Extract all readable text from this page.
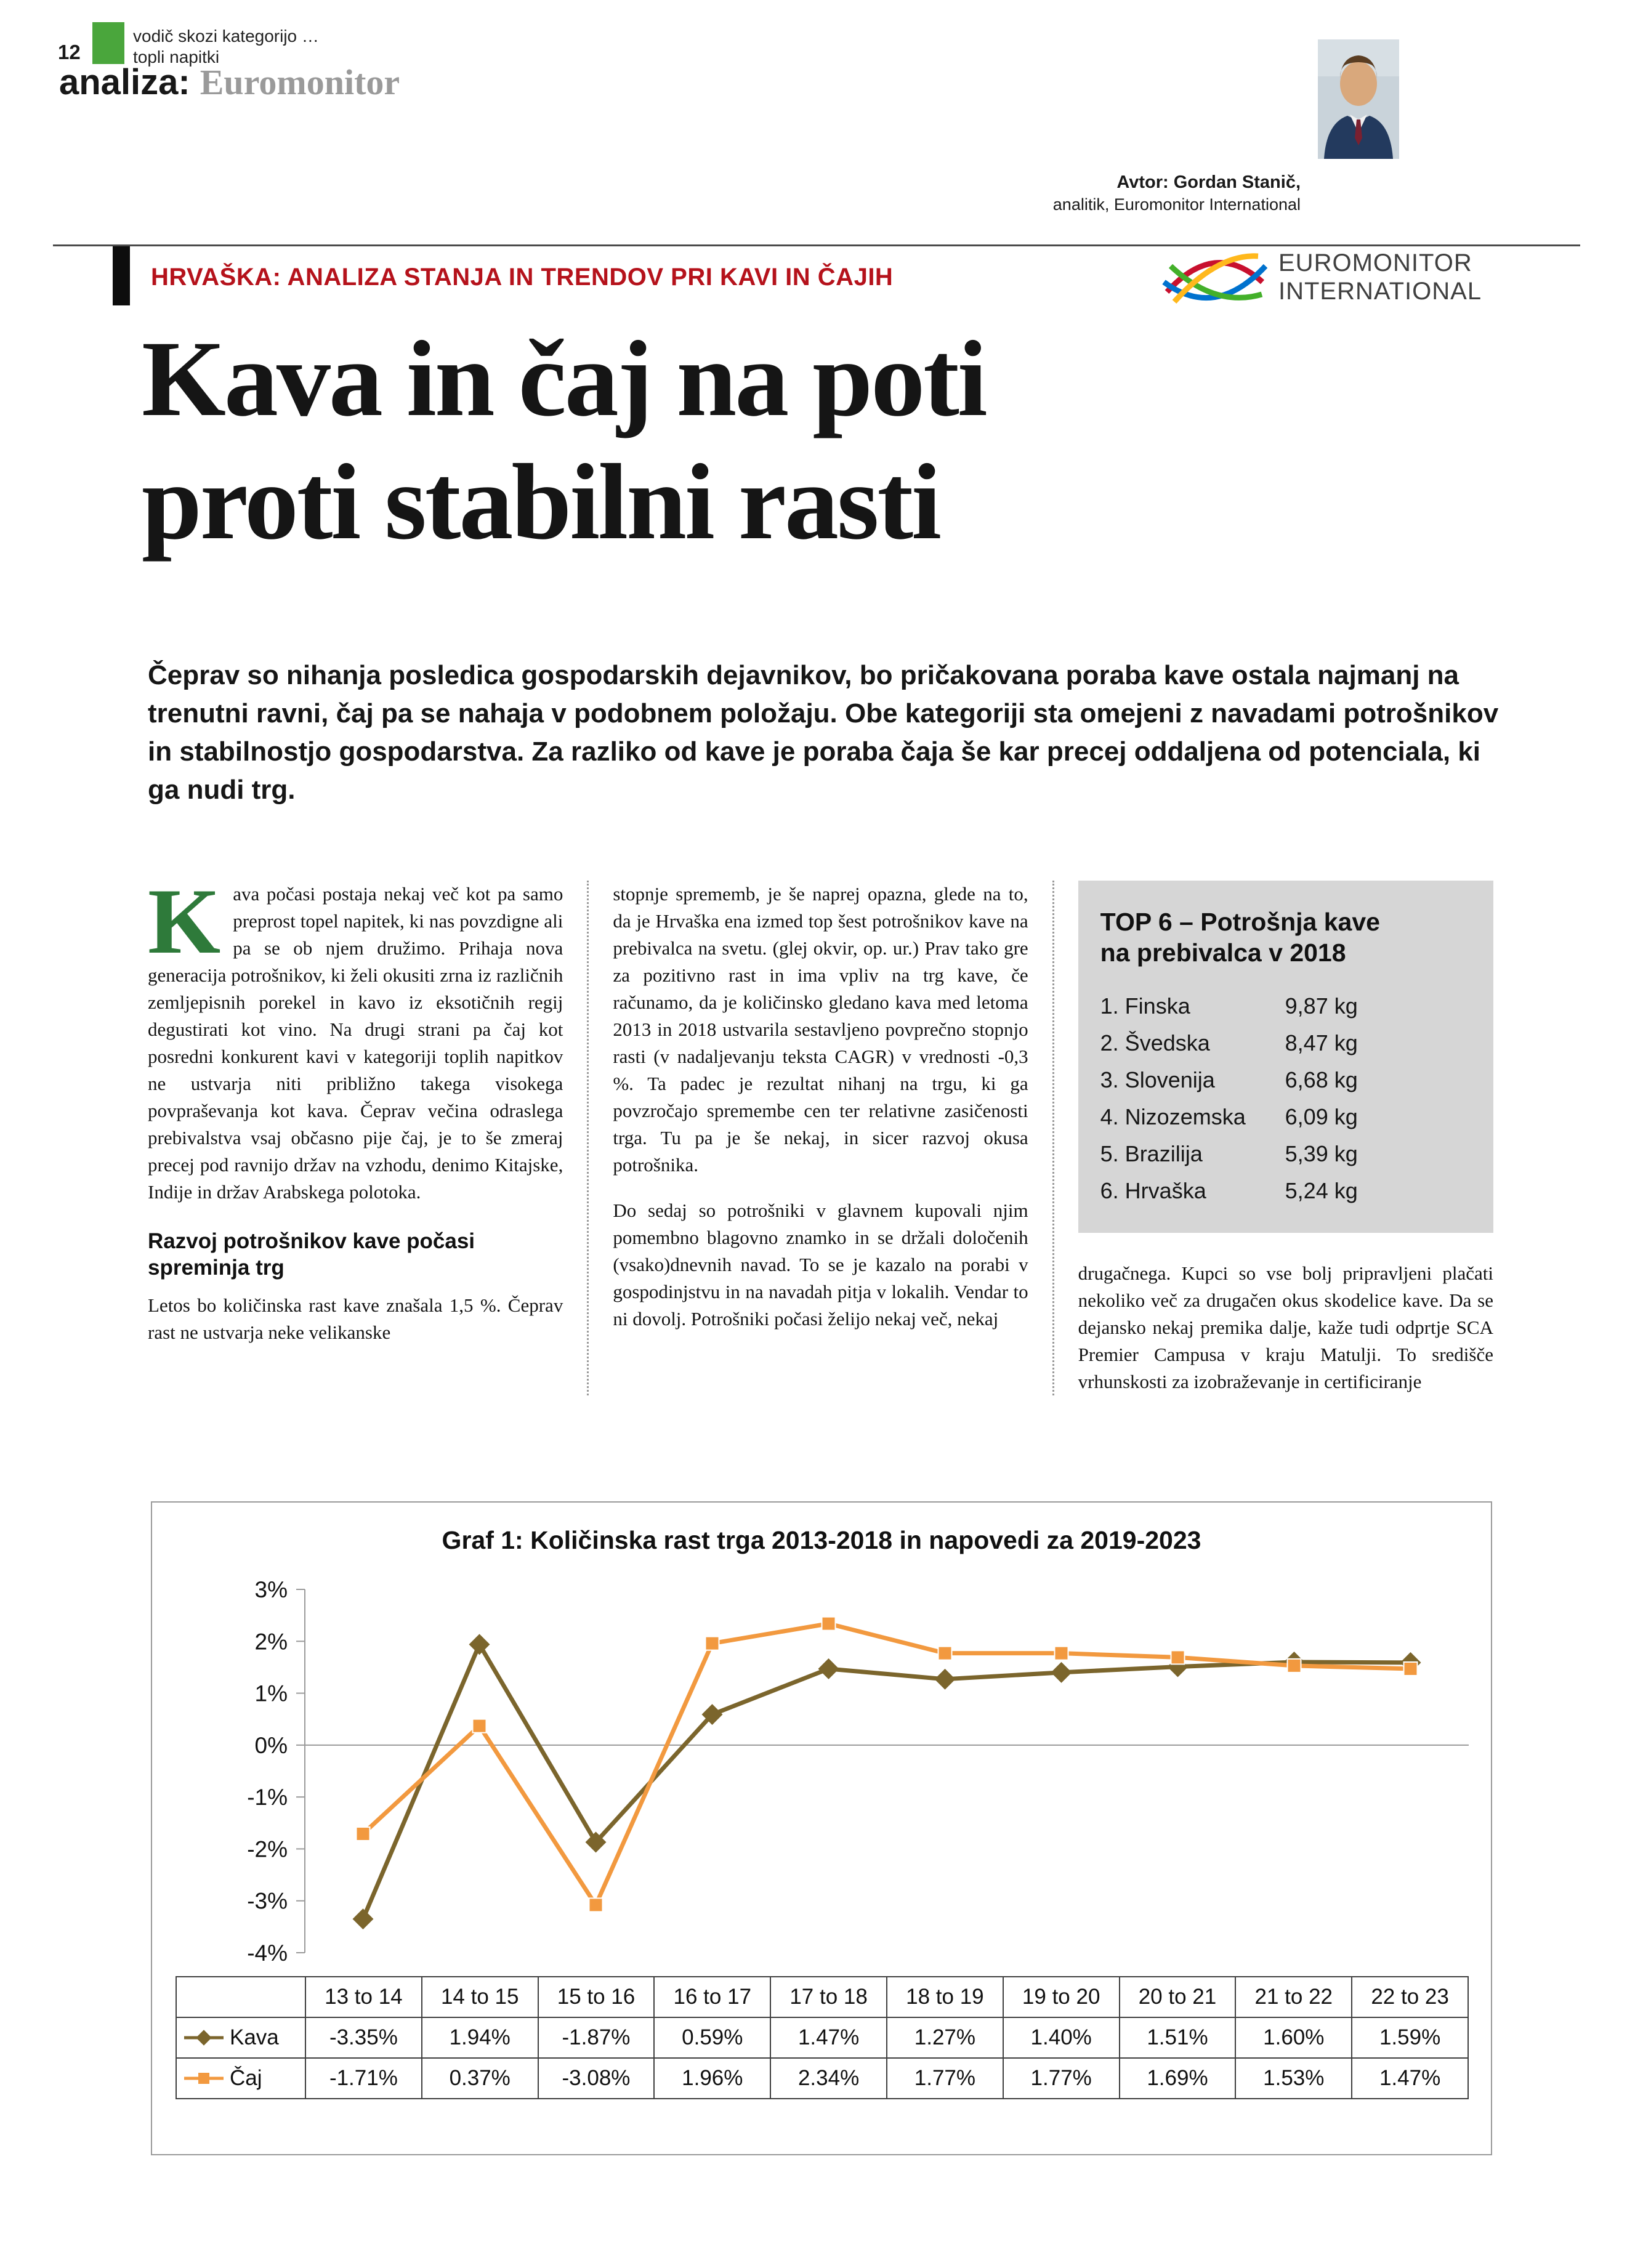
12
vodič skozi kategorijo …
topli napitki
analiza: Euromonitor
Avtor: Gordan Stanič,
analitik, Euromonitor International
HRVAŠKA: ANALIZA STANJA IN TRENDOV PRI KAVI IN ČAJIH
EUROMONITOR
INTERNATIONAL
Kava in čaj na poti
proti stabilni rasti
Čeprav so nihanja posledica gospodarskih dejavnikov, bo pričakovana poraba kave ostala najmanj na trenutni ravni, čaj pa se nahaja v podobnem položaju. Obe kategoriji sta omejeni z navadami potrošnikov in stabilnostjo gospodarstva. Za razliko od kave je poraba čaja še kar precej oddaljena od potenciala, ki ga nudi trg.

Kava počasi postaja nekaj več kot pa samo preprost topel napitek, ki nas povzdigne ali pa se ob njem družimo. Prihaja nova generacija potrošnikov, ki želi okusiti zrna iz različnih zemljepisnih porekel in kavo iz eksotičnih regij degustirati kot vino. Na drugi strani pa čaj kot posredni konkurent kavi v kategoriji toplih napitkov ne ustvarja niti približno takega visokega povpraševanja kot kava. Čeprav večina odraslega prebivalstva vsaj občasno pije čaj, je to še zmeraj precej pod ravnijo držav na vzhodu, denimo Kitajske, Indije in držav Arabskega polotoka.

Razvoj potrošnikov kave počasi spreminja trg

Letos bo količinska rast kave znašala 1,5 %. Čeprav rast ne ustvarja neke velikanske

stopnje sprememb, je še naprej opazna, glede na to, da je Hrvaška ena izmed top šest potrošnikov kave na prebivalca na svetu. (glej okvir, op. ur.) Prav tako gre za pozitivno rast in ima vpliv na trg kave, če računamo, da je količinsko gledano kava med letoma 2013 in 2018 ustvarila sestavljeno povprečno stopnjo rasti (v nadaljevanju teksta CAGR) v vrednosti -0,3 %. Ta padec je rezultat nihanj na trgu, ki ga povzročajo spremembe cen ter relativne zasičenosti trga. Tu pa je še nekaj, in sicer razvoj okusa potrošnika.

Do sedaj so potrošniki v glavnem kupovali njim pomembno blagovno znamko in se držali določenih (vsako)dnevnih navad. To se je kazalo na porabi v gospodinjstvu in na navadah pitja v lokalih. Vendar to ni dovolj. Potrošniki počasi želijo nekaj več, nekaj

TOP 6 – Potrošnja kave
na prebivalca v 2018
1. Finska	9,87 kg
2. Švedska	8,47 kg
3. Slovenija	6,68 kg
4. Nizozemska	6,09 kg
5. Brazilija	5,39 kg
6. Hrvaška	5,24 kg

drugačnega. Kupci so vse bolj pripravljeni plačati nekoliko več za drugačen okus skodelice kave. Da se dejansko nekaj premika dalje, kaže tudi odprtje SCA Premier Campusa v kraju Matulji. To središče vrhunskosti za izobraževanje in certificiranje

Graf 1: Količinska rast trga 2013-2018 in napovedi za 2019-2023
3%
2%
1%
0%
-1%
-2%
-3%
-4%
	13 to 14	14 to 15	15 to 16	16 to 17	17 to 18	18 to 19	19 to 20	20 to 21	21 to 22	22 to 23

Kava	-3.35%	1.94%	-1.87%	0.59%	1.47%	1.27%	1.40%	1.51%	1.60%	1.59%

Čaj	-1.71%	0.37%	-3.08%	1.96%	2.34%	1.77%	1.77%	1.69%	1.53%	1.47%
